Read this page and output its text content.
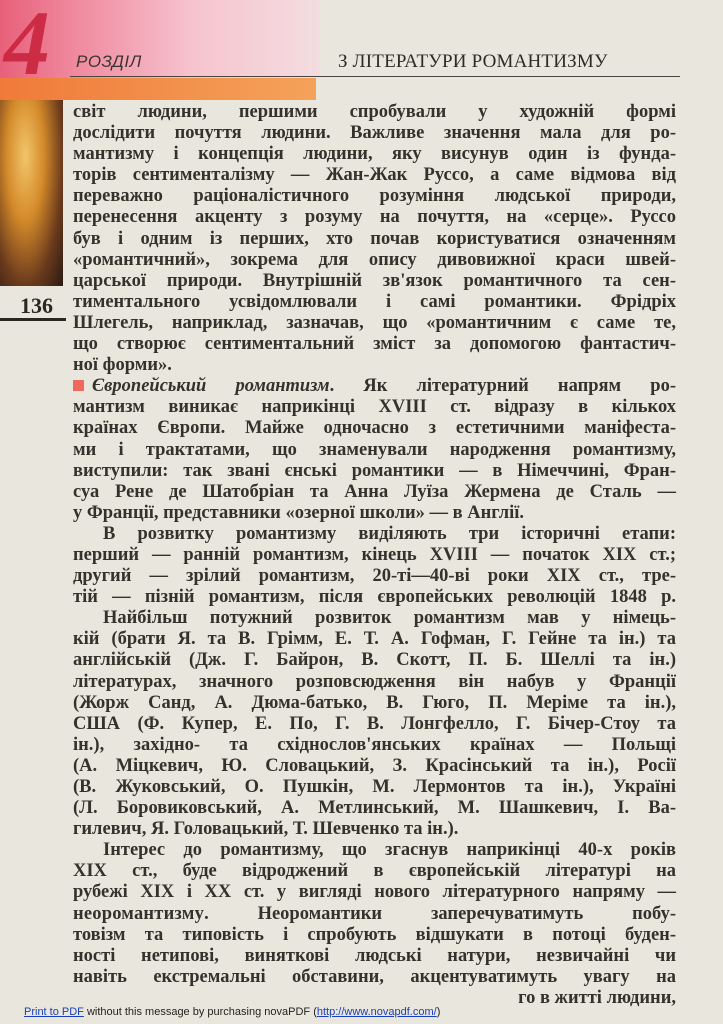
4 РОЗДІЛ	З ЛІТЕРАТУРИ РОМАНТИЗМУ
136
світ людини, першими спробували у художній формі
дослідити почуття людини. Важливе значення мала для ро-
мантизму і концепція людини, яку висунув один із фунда-
торів сентименталізму — Жан-Жак Руссо, а саме відмова від
переважно раціоналістичного розуміння людської природи,
перенесення акценту з розуму на почуття, на «серце». Руссо
був і одним із перших, хто почав користуватися означенням
«романтичний», зокрема для опису дивовижної краси швей-
царської природи. Внутрішній зв'язок романтичного та сен-
тиментального усвідомлювали і самі романтики. Фрідріх
Шлегель, наприклад, зазначав, що «романтичним є саме те,
що створює сентиментальний зміст за допомогою фантастич-
ної форми».
Європейський романтизм. Як літературний напрям ро-
мантизм виникає наприкінці XVIII ст. відразу в кількох
країнах Європи. Майже одночасно з естетичними маніфеста-
ми і трактатами, що знаменували народження романтизму,
виступили: так звані єнські романтики — в Німеччині, Фран-
суа Рене де Шатобріан та Анна Луїза Жермена де Сталь —
у Франції, представники «озерної школи» — в Англії.
В розвитку романтизму виділяють три історичні етапи:
перший — ранній романтизм, кінець XVIII — початок XIX ст.;
другий — зрілий романтизм, 20-ті—40-ві роки XIX ст., тре-
тій — пізній романтизм, після європейських революцій 1848 р.
Найбільш потужний розвиток романтизм мав у німець-
кій (брати Я. та В. Грімм, Е. Т. А. Гофман, Г. Гейне та ін.) та
англійській (Дж. Г. Байрон, В. Скотт, П. Б. Шеллі та ін.)
літературах, значного розповсюдження він набув у Франції
(Жорж Санд, А. Дюма-батько, В. Гюго, П. Меріме та ін.),
США (Ф. Купер, Е. По, Г. В. Лонгфелло, Г. Бічер-Стоу та
ін.), західно- та східнослов'янських країнах — Польщі
(А. Міцкевич, Ю. Словацький, З. Красінський та ін.), Росії
(В. Жуковський, О. Пушкін, М. Лермонтов та ін.), Україні
(Л. Боровиковський, А. Метлинський, М. Шашкевич, І. Ва-
гилевич, Я. Головацький, Т. Шевченко та ін.).
Інтерес до романтизму, що згаснув наприкінці 40-х років
XIX ст., буде відроджений в європейській літературі на
рубежі XIX і XX ст. у вигляді нового літературного напряму —
неоромантизму. Неоромантики заперечуватимуть побу-
товізм та типовість і спробують відшукати в потоці буден-
ності нетипові, виняткові людські натури, незвичайні чи
навіть екстремальні обставини, акцентуватимуть увагу на
го в житті людини,
Print to PDF without this message by purchasing novaPDF (http://www.novapdf.com/)
